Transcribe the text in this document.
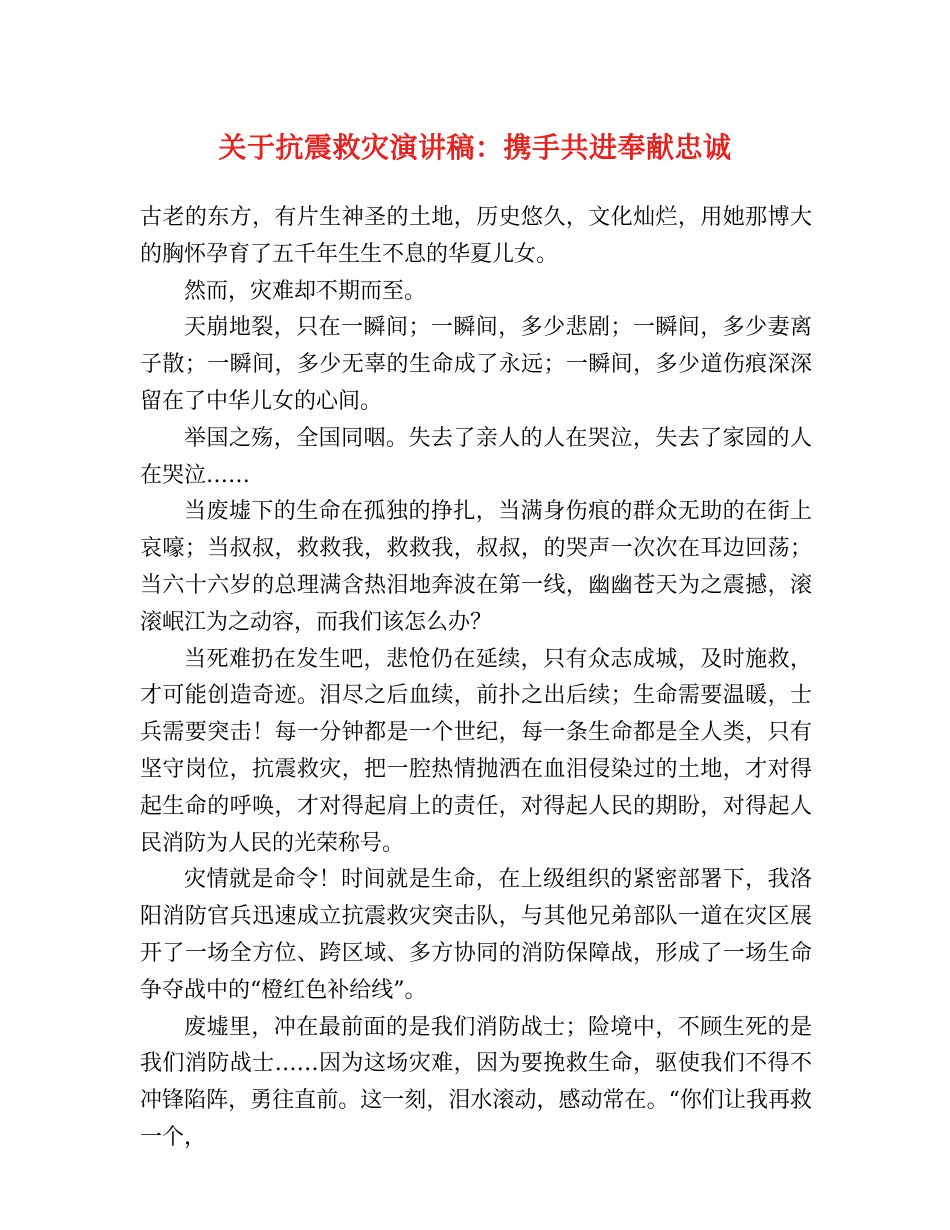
关于抗震救灾演讲稿：携手共进奉献忠诚

古老的东方，有片生神圣的土地，历史悠久，文化灿烂，用她那博大的胸怀孕育了五千年生生不息的华夏儿女。

然而，灾难却不期而至。

天崩地裂，只在一瞬间；一瞬间，多少悲剧；一瞬间，多少妻离子散；一瞬间，多少无辜的生命成了永远；一瞬间，多少道伤痕深深留在了中华儿女的心间。

举国之殇，全国同咽。失去了亲人的人在哭泣，失去了家园的人在哭泣……

当废墟下的生命在孤独的挣扎，当满身伤痕的群众无助的在街上哀嚎；当叔叔，救救我，救救我，叔叔，的哭声一次次在耳边回荡；当六十六岁的总理满含热泪地奔波在第一线，幽幽苍天为之震撼，滚滚岷江为之动容，而我们该怎么办？

当死难扔在发生吧，悲怆仍在延续，只有众志成城，及时施救，才可能创造奇迹。泪尽之后血续，前扑之出后续；生命需要温暖，士兵需要突击！每一分钟都是一个世纪，每一条生命都是全人类，只有坚守岗位，抗震救灾，把一腔热情抛洒在血泪侵染过的土地，才对得起生命的呼唤，才对得起肩上的责任，对得起人民的期盼，对得起人民消防为人民的光荣称号。

灾情就是命令！时间就是生命，在上级组织的紧密部署下，我洛阳消防官兵迅速成立抗震救灾突击队，与其他兄弟部队一道在灾区展开了一场全方位、跨区域、多方协同的消防保障战，形成了一场生命争夺战中的“橙红色补给线”。

废墟里，冲在最前面的是我们消防战士；险境中，不顾生死的是我们消防战士……因为这场灾难，因为要挽救生命，驱使我们不得不冲锋陷阵，勇往直前。这一刻，泪水滚动，感动常在。“你们让我再救一个，
